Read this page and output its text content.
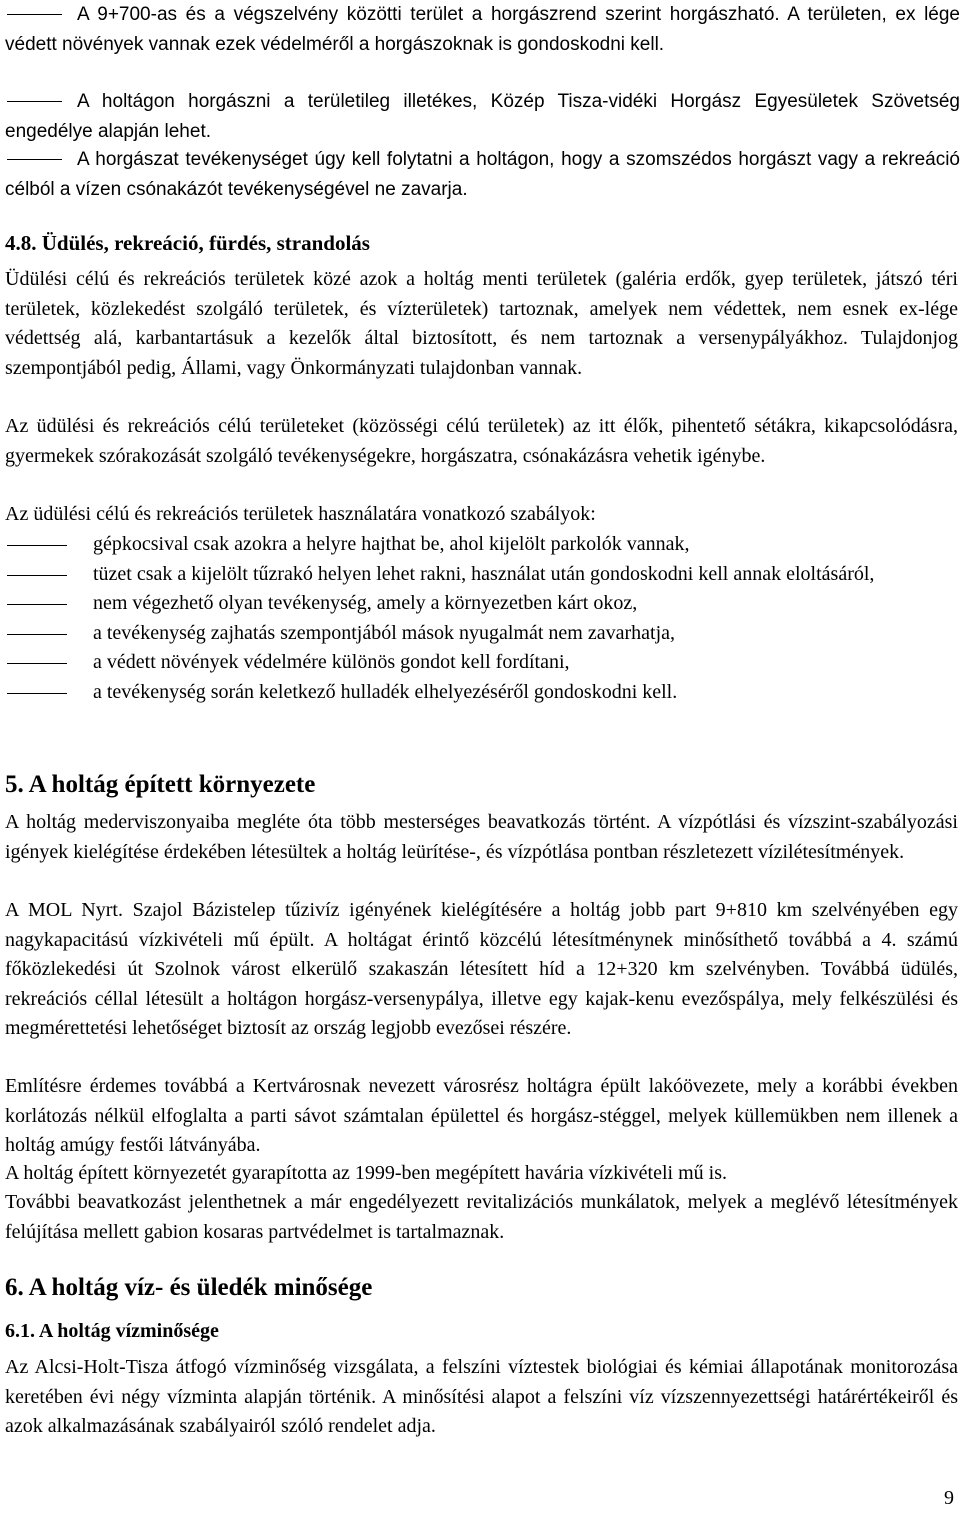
A 9+700-as és a végszelvény közötti terület a horgászrend szerint horgászható. A területen, ex lége védett növények vannak ezek védelméről a horgászoknak is gondoskodni kell.
A holtágon horgászni a területileg illetékes, Közép Tisza-vidéki Horgász Egyesületek Szövetség engedélye alapján lehet.
A horgászat tevékenységet úgy kell folytatni a holtágon, hogy a szomszédos horgászt vagy a rekreáció célból a vízen csónakázót tevékenységével ne zavarja.
4.8. Üdülés, rekreáció, fürdés, strandolás
Üdülési célú és rekreációs területek közé azok a holtág menti területek (galéria erdők, gyep területek, játszó téri területek, közlekedést szolgáló területek, és vízterületek) tartoznak, amelyek nem védettek, nem esnek ex-lége védettség alá, karbantartásuk a kezelők által biztosított, és nem tartoznak a versenypályákhoz. Tulajdonjog szempontjából pedig, Állami, vagy Önkormányzati tulajdonban vannak.
Az üdülési és rekreációs célú területeket (közösségi célú területek) az itt élők, pihentető sétákra, kikapcsolódásra, gyermekek szórakozását szolgáló tevékenységekre, horgászatra, csónakázásra vehetik igénybe.
Az üdülési célú és rekreációs területek használatára vonatkozó szabályok:
gépkocsival csak azokra a helyre hajthat be, ahol kijelölt parkolók vannak,
tüzet csak a kijelölt tűzrakó helyen lehet rakni, használat után gondoskodni kell annak eloltásáról,
nem végezhető olyan tevékenység, amely a környezetben kárt okoz,
a tevékenység zajhatás szempontjából mások nyugalmát nem zavarhatja,
a védett növények védelmére különös gondot kell fordítani,
a tevékenység során keletkező hulladék elhelyezéséről gondoskodni kell.
5. A holtág épített környezete
A holtág mederviszonyaiba megléte óta több mesterséges beavatkozás történt. A vízpótlási és vízszint-szabályozási igények kielégítése érdekében létesültek a holtág leürítése-, és vízpótlása pontban részletezett vízilétesítmények.
A MOL Nyrt. Szajol Bázistelep tűzivíz igényének kielégítésére a holtág jobb part 9+810 km szelvényében egy nagykapacitású vízkivételi mű épült. A holtágat érintő közcélú létesítménynek minősíthető továbbá a 4. számú főközlekedési út Szolnok várost elkerülő szakaszán létesített híd a 12+320 km szelvényben. Továbbá üdülés, rekreációs céllal létesült a holtágon horgász-versenypálya, illetve egy kajak-kenu evezőspálya, mely felkészülési és megmérettetési lehetőséget biztosít az ország legjobb evezősei részére.
Említésre érdemes továbbá a Kertvárosnak nevezett városrész holtágra épült lakóövezete, mely a korábbi években korlátozás nélkül elfoglalta a parti sávot számtalan épülettel és horgász-stéggel, melyek küllemükben nem illenek a holtág amúgy festői látványába.
A holtág épített környezetét gyarapította az 1999-ben megépített havária vízkivételi mű is.
További beavatkozást jelenthetnek a már engedélyezett revitalizációs munkálatok, melyek a meglévő létesítmények felújítása mellett gabion kosaras partvédelmet is tartalmaznak.
6. A holtág víz- és üledék minősége
6.1. A holtág vízminősége
Az Alcsi-Holt-Tisza átfogó vízminőség vizsgálata, a felszíni víztestek biológiai és kémiai állapotának monitorozása keretében évi négy vízminta alapján történik. A minősítési alapot a felszíni víz vízszennyezettségi határértékeiről és azok alkalmazásának szabályairól szóló rendelet adja.
9
